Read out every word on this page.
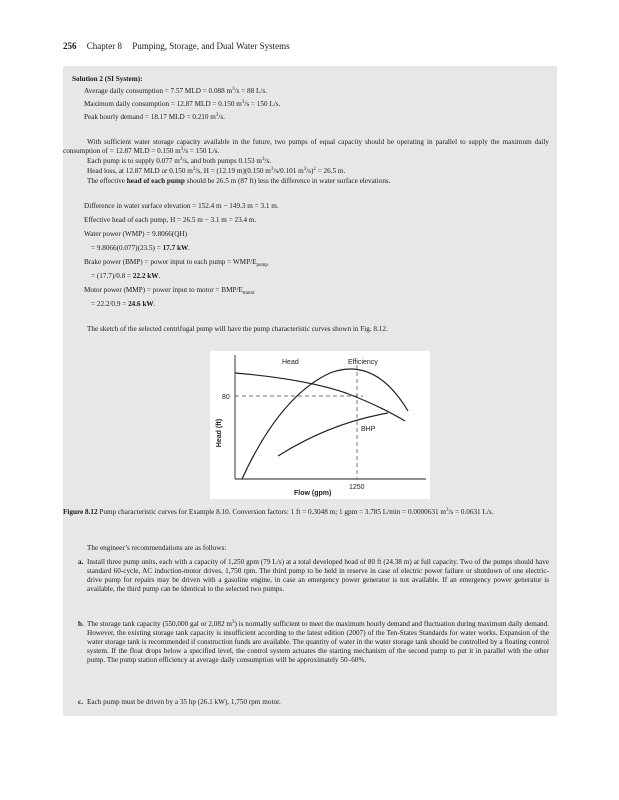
256 Chapter 8 Pumping, Storage, and Dual Water Systems
Solution 2 (SI System):
Average daily consumption = 7.57 MLD = 0.088 $m^3/s = 88$ L/s.
Maximum daily consumption = 12.87 MLD = 0.150 $m^3/s = 150$ L/s.
Peak hourly demand = 18.17 MLD = 0.210 $m^3/s$.
With sufficient water storage capacity available in the future, two pumps of equal capacity should be operating in parallel to supply the maximum daily consumption of = 12.87 MLD = 0.150 $m^3/s = 150$ L/s.
Each pump is to supply 0.077 $m^3/s$, and both pumps 0.153 $m^3/s$.
Head loss, at 12.87 MLD or 0.150 $m^3/s$, H = (12.19 m)(0.150 $m^3/s/0.101$ $m^3/s)^2 = 26.5$ m.
The effective head of each pump should be 26.5 m (87 ft) less the difference in water surface elevations.
Difference in water surface elevation = 152.4 m − 149.3 m = 3.1 m.
Effective head of each pump, H = 26.5 m − 3.1 m = 23.4 m.
Water power (WMP) = 9.8066(QH)
= 9.8066(0.077)(23.5) = 17.7 kW.
Brake power (BMP) = power input to each pump = WMP/$E_{pump}$
= (17.7)/0.8 = 22.2 kW.
Motor power (MMP) = power input to motor = BMP/$E_{motor}$
= 22.2/0.9 = 24.6 kW.
The sketch of the selected centrifugal pump will have the pump characteristic curves shown in Fig. 8.12.
Head	Efficiency
BHP
80
1250
Flow (gpm)
Head (ft)
Figure 8.12 Pump characteristic curves for Example 8.10. Conversion factors: 1 ft = 0.3048 m; 1 gpm = 3.785 L/min = 0.0000631 $m^3/s = 0.0631$ L/s.
The engineer’s recommendations are as follows:
a. Install three pump units, each with a capacity of 1,250 gpm (79 L/s) at a total developed head of 80 ft (24.38 m) at full capacity. Two of the pumps should have standard 60-cycle, AC induction-motor drives, 1,750 rpm. The third pump to be held in reserve in case of electric power failure or shutdown of one electric-drive pump for repairs may be driven with a gasoline engine, in case an emergency power generator is not available. If an emergency power generator is available, the third pump can be identical to the selected two pumps.
b. The storage tank capacity (550,000 gal or 2,082 $m^3$) is normally sufficient to meet the maximum hourly demand and fluctuation during maximum daily demand. However, the existing storage tank capacity is insufficient according to the latest edition (2007) of the Ten-States Standards for water works. Expansion of the water storage tank is recommended if construction funds are available. The quantity of water in the water storage tank should be controlled by a floating control system. If the float drops below a specified level, the control system actuates the starting mechanism of the second pump to put it in parallel with the other pump. The pump station efficiency at average daily consumption will be approximately 50–60%.
c. Each pump must be driven by a 35 hp (26.1 kW), 1,750 rpm motor.
